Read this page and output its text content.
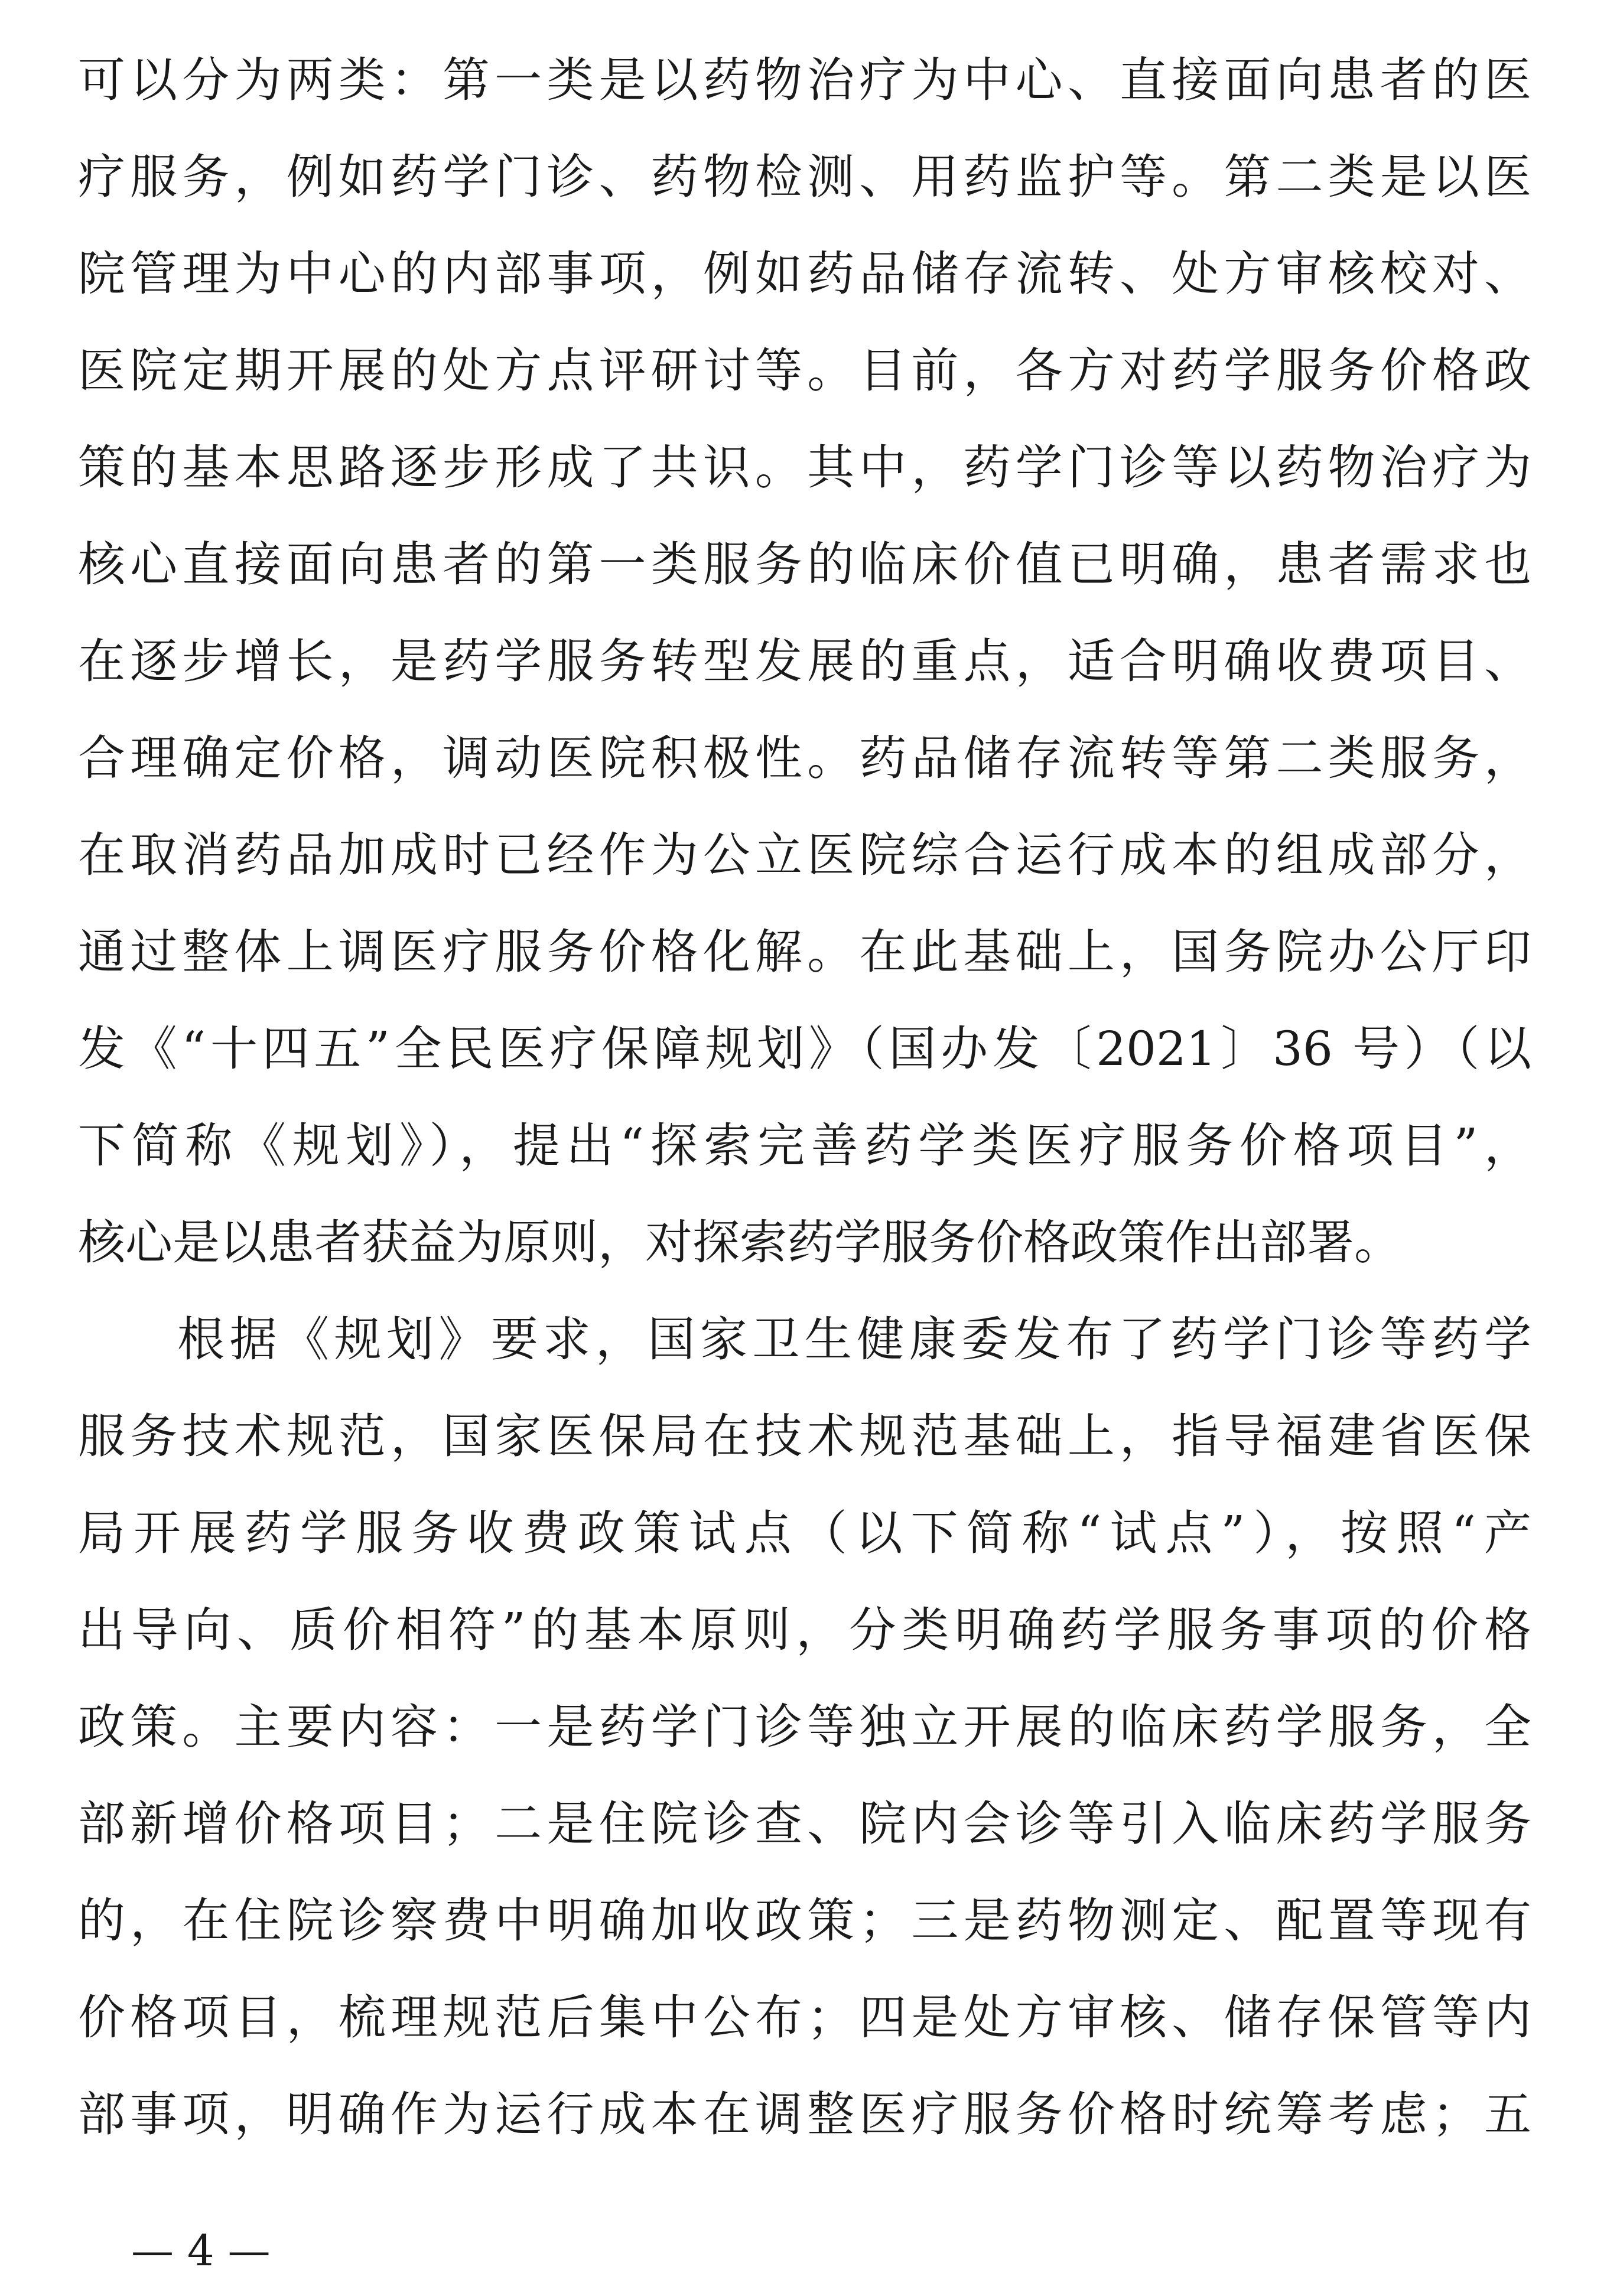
可以分为两类：第一类是以药物治疗为中心、直接面向患者的医
疗服务，例如药学门诊、药物检测、用药监护等。第二类是以医
院管理为中心的内部事项，例如药品储存流转、处方审核校对、
医院定期开展的处方点评研讨等。目前，各方对药学服务价格政
策的基本思路逐步形成了共识。其中，药学门诊等以药物治疗为
核心直接面向患者的第一类服务的临床价值已明确，患者需求也
在逐步增长，是药学服务转型发展的重点，适合明确收费项目、
合理确定价格，调动医院积极性。药品储存流转等第二类服务，
在取消药品加成时已经作为公立医院综合运行成本的组成部分，
通过整体上调医疗服务价格化解。在此基础上，国务院办公厅印
发《“十四五”全民医疗保障规划》（国办发〔2021〕36 号）（以
下简称《规划》），提出“探索完善药学类医疗服务价格项目”，
核心是以患者获益为原则，对探索药学服务价格政策作出部署。
根据《规划》要求，国家卫生健康委发布了药学门诊等药学
服务技术规范，国家医保局在技术规范基础上，指导福建省医保
局开展药学服务收费政策试点（以下简称“试点”），按照“产
出导向、质价相符”的基本原则，分类明确药学服务事项的价格
政策。主要内容：一是药学门诊等独立开展的临床药学服务，全
部新增价格项目；二是住院诊查、院内会诊等引入临床药学服务
的，在住院诊察费中明确加收政策；三是药物测定、配置等现有
价格项目，梳理规范后集中公布；四是处方审核、储存保管等内
部事项，明确作为运行成本在调整医疗服务价格时统筹考虑；五
— 4 —
